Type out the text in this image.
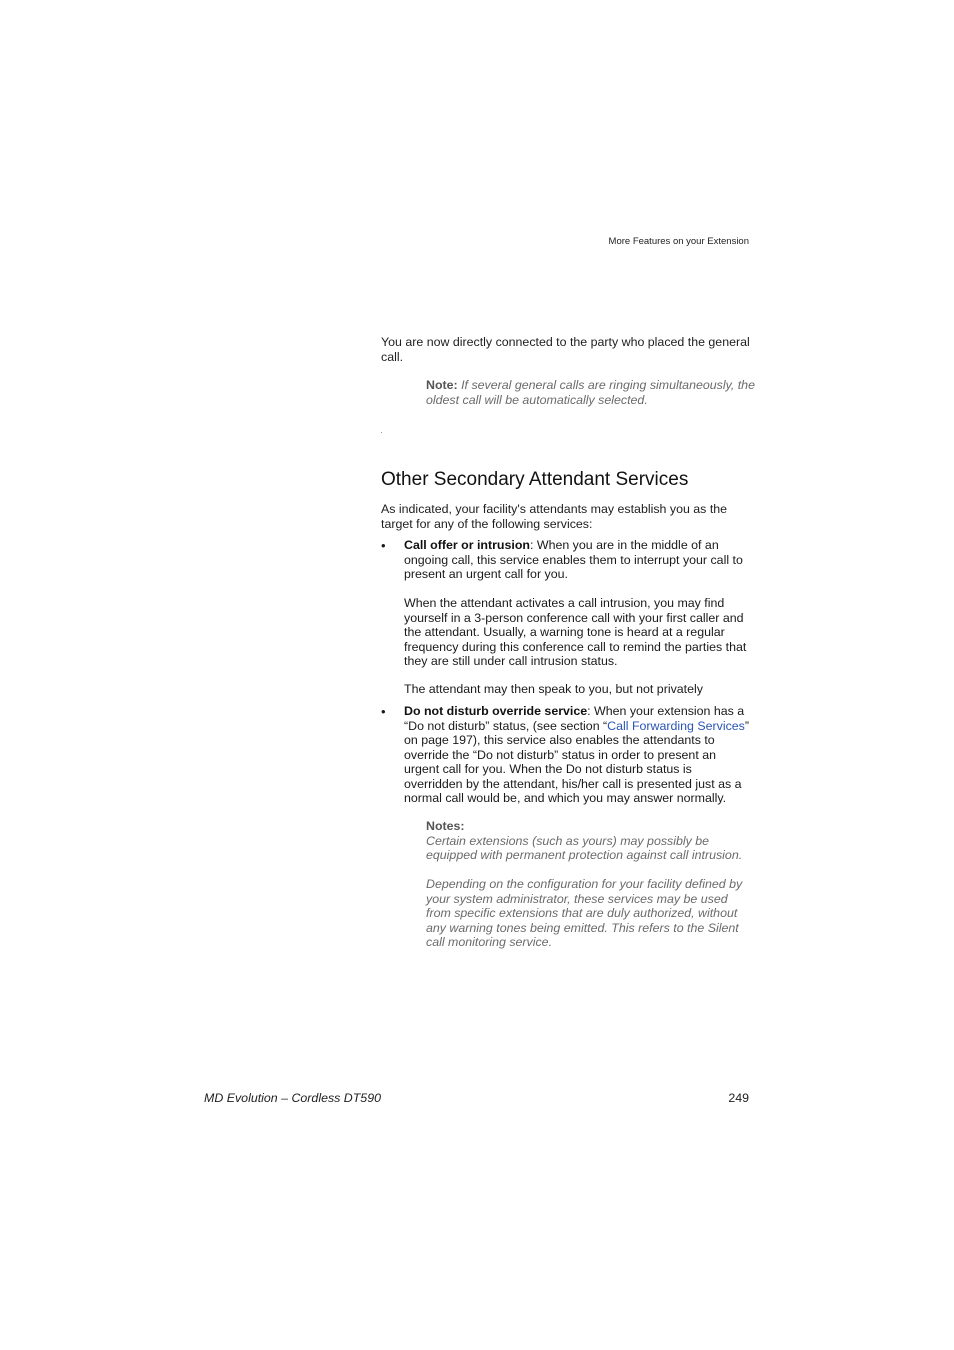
More Features on your Extension

You are now directly connected to the party who placed the general call.

Note: If several general calls are ringing simultaneously, the oldest call will be automatically selected.

Other Secondary Attendant Services

As indicated, your facility's attendants may establish you as the target for any of the following services:

• Call offer or intrusion: When you are in the middle of an ongoing call, this service enables them to interrupt your call to present an urgent call for you.

When the attendant activates a call intrusion, you may find yourself in a 3-person conference call with your first caller and the attendant. Usually, a warning tone is heard at a regular frequency during this conference call to remind the parties that they are still under call intrusion status.

The attendant may then speak to you, but not privately

• Do not disturb override service: When your extension has a “Do not disturb” status, (see section “Call Forwarding Services” on page 197), this service also enables the attendants to override the “Do not disturb” status in order to present an urgent call for you. When the Do not disturb status is overridden by the attendant, his/her call is presented just as a normal call would be, and which you may answer normally.

Notes:

Certain extensions (such as yours) may possibly be equipped with permanent protection against call intrusion.

Depending on the configuration for your facility defined by your system administrator, these services may be used from specific extensions that are duly authorized, without any warning tones being emitted. This refers to the Silent call monitoring service.

MD Evolution – Cordless DT590	249
